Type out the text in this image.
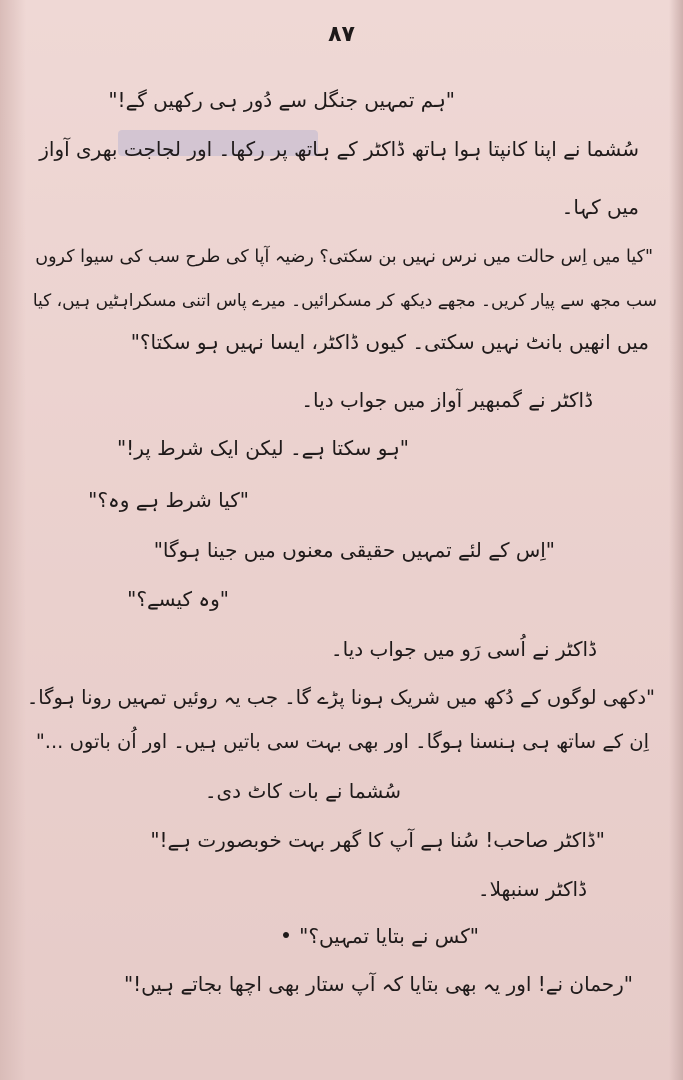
۸۷
"ہم تمہیں جنگل سے دُور ہی رکھیں گے!"
سُشما نے اپنا کانپتا ہوا ہاتھ ڈاکٹر کے ہاتھ پر رکھا۔ اور لجاجت بھری آواز
میں کہا۔
"کیا میں اِس حالت میں نرس نہیں بن سکتی؟ رضیہ آپا کی طرح سب کی سیوا کروں
سب مجھ سے پیار کریں۔ مجھے دیکھ کر مسکرائیں۔ میرے پاس اتنی مسکراہٹیں ہیں، کیا
میں انھیں بانٹ نہیں سکتی۔ کیوں ڈاکٹر، ایسا نہیں ہو سکتا؟"
ڈاکٹر نے گمبھیر آواز میں جواب دیا۔
"ہو سکتا ہے۔ لیکن ایک شرط پر!"
"کیا شرط ہے وہ؟"
"اِس کے لئے تمہیں حقیقی معنوں میں جینا ہوگا"
"وہ کیسے؟"
ڈاکٹر نے اُسی رَو میں جواب دیا۔
"دکھی لوگوں کے دُکھ میں شریک ہونا پڑے گا۔ جب یہ روئیں تمہیں رونا ہوگا۔
اِن کے ساتھ ہی ہنسنا ہوگا۔ اور بھی بہت سی باتیں ہیں۔ اور اُن باتوں ..."
سُشما نے بات کاٹ دی۔
"ڈاکٹر صاحب! سُنا ہے آپ کا گھر بہت خوبصورت ہے!"
ڈاکٹر سنبھلا۔
"کس نے بتایا تمہیں؟"
"رحمان نے! اور یہ بھی بتایا کہ آپ ستار بھی اچھا بجاتے ہیں!"
